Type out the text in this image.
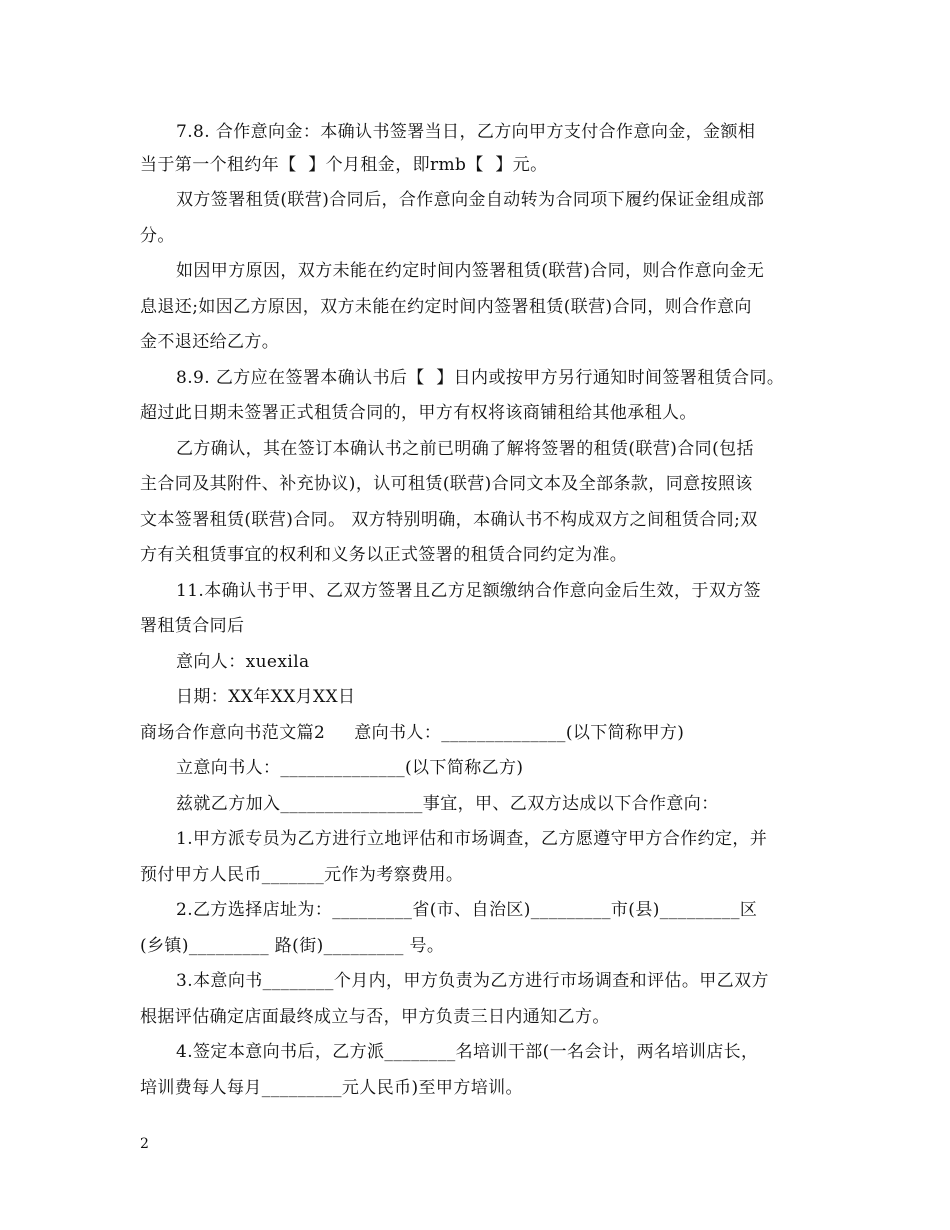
7.8. 合作意向金：本确认书签署当日，乙方向甲方支付合作意向金，金额相
当于第一个租约年【  】个月租金，即rmb【  】元。
双方签署租赁(联营)合同后，合作意向金自动转为合同项下履约保证金组成部
分。
如因甲方原因，双方未能在约定时间内签署租赁(联营)合同，则合作意向金无
息退还;如因乙方原因，双方未能在约定时间内签署租赁(联营)合同，则合作意向
金不退还给乙方。
8.9. 乙方应在签署本确认书后【  】日内或按甲方另行通知时间签署租赁合同。
超过此日期未签署正式租赁合同的，甲方有权将该商铺租给其他承租人。
乙方确认，其在签订本确认书之前已明确了解将签署的租赁(联营)合同(包括
主合同及其附件、补充协议)，认可租赁(联营)合同文本及全部条款，同意按照该
文本签署租赁(联营)合同。 双方特别明确，本确认书不构成双方之间租赁合同;双
方有关租赁事宜的权利和义务以正式签署的租赁合同约定为准。
11.本确认书于甲、乙双方签署且乙方足额缴纳合作意向金后生效，于双方签
署租赁合同后
意向人：xuexila
日期：XX年XX月XX日
商场合作意向书范文篇2     意向书人：______________(以下简称甲方)
立意向书人：______________(以下简称乙方)
兹就乙方加入________________事宜，甲、乙双方达成以下合作意向：
1.甲方派专员为乙方进行立地评估和市场调查，乙方愿遵守甲方合作约定，并
预付甲方人民币_______元作为考察费用。
2.乙方选择店址为：_________省(市、自治区)_________市(县)_________区
(乡镇)_________ 路(街)_________ 号。
3.本意向书________个月内，甲方负责为乙方进行市场调查和评估。甲乙双方
根据评估确定店面最终成立与否，甲方负责三日内通知乙方。
4.签定本意向书后，乙方派________名培训干部(一名会计，两名培训店长，
培训费每人每月_________元人民币)至甲方培训。
2
